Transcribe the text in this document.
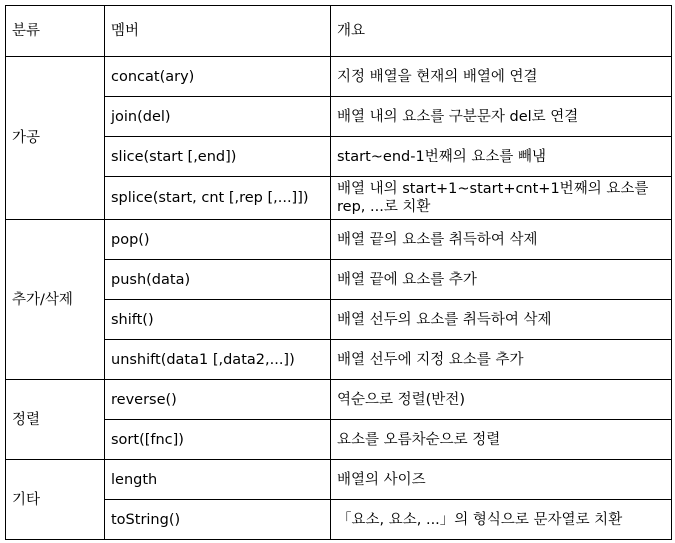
분류	멤버	개요
가공	concat(ary)	지정 배열을 현재의 배열에 연결
	join(del)	배열 내의 요소를 구분문자 del로 연결
	slice(start [,end])	start~end-1번째의 요소를 빼냄
	splice(start, cnt [,rep [,...]])	배열 내의 start+1~start+cnt+1번째의 요소를 rep, ...로 치환
추가/삭제	pop()	배열 끝의 요소를 취득하여 삭제
	push(data)	배열 끝에 요소를 추가
	shift()	배열 선두의 요소를 취득하여 삭제
	unshift(data1 [,data2,...])	배열 선두에 지정 요소를 추가
정렬	reverse()	역순으로 정렬(반전)
	sort([fnc])	요소를 오름차순으로 정렬
기타	length	배열의 사이즈
	toString()	「요소, 요소, ...」의 형식으로 문자열로 치환
